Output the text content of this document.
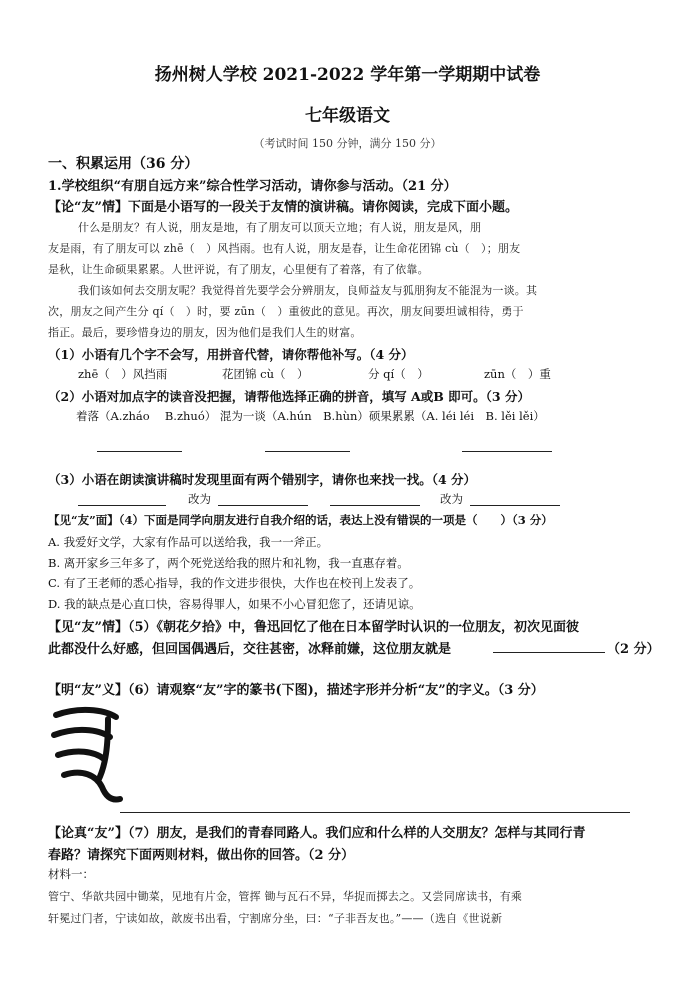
扬州树人学校 2021-2022 学年第一学期期中试卷
七年级语文
（考试时间 150 分钟，满分 150 分）
一、积累运用（36 分）
1.学校组织“有朋自远方来”综合性学习活动，请你参与活动。（21 分）
【论“友”情】下面是小语写的一段关于友情的演讲稿。请你阅读，完成下面小题。
什么是朋友？有人说，朋友是地，有了朋友可以顶天立地；有人说，朋友是风，朋
友是雨，有了朋友可以 zhē（　）风挡雨。也有人说，朋友是春，让生命花团锦 cù（　）；朋友
是秋，让生命硕果累累。人世评说，有了朋友，心里便有了着落，有了依靠。
我们该如何去交朋友呢？我觉得首先要学会分辨朋友，良师益友与狐朋狗友不能混为一谈。其
次，朋友之间产生分 qí（　）时，要 zūn（　）重彼此的意见。再次，朋友间要坦诚相待，勇于
指正。最后，要珍惜身边的朋友，因为他们是我们人生的财富。
（1）小语有几个字不会写，用拼音代替，请你帮他补写。（4 分）
zhē（　）风挡雨	花团锦 cù（　）	分 qí（　）	zūn（　）重
（2）小语对加点字的读音没把握，请帮他选择正确的拼音，填写 A或B 即可。（3 分）
着落（A.zháo　 B.zhuó） 混为一谈（A.hún　B.hùn）硕果累累（A. léi léi　B. lěi lěi）
（3）小语在朗读演讲稿时发现里面有两个错别字，请你也来找一找。（4 分）
改为	改为
【见“友”面】（4）下面是同学向朋友进行自我介绍的话，表达上没有错误的一项是（　　）（3 分）
A. 我爱好文学，大家有作品可以送给我，我一一斧正。
B. 离开家乡三年多了，两个死党送给我的照片和礼物，我一直惠存着。
C. 有了王老师的悉心指导，我的作文进步很快，大作也在校刊上发表了。
D. 我的缺点是心直口快，容易得罪人，如果不小心冒犯您了，还请见谅。
【见“友”情】（5）《朝花夕拾》中，鲁迅回忆了他在日本留学时认识的一位朋友，初次见面彼
此都没什么好感，但回国偶遇后，交往甚密，冰释前嫌，这位朋友就是	（2 分）
【明“友”义】（6）请观察“友”字的篆书(下图)，描述字形并分析“友”的字义。（3 分）
【论真“友”】（7）朋友，是我们的青春同路人。我们应和什么样的人交朋友？怎样与其同行青
春路？请探究下面两则材料，做出你的回答。（2 分）
材料一：
管宁、华歆共园中锄菜，见地有片金，管挥 锄与瓦石不异，华捉而掷去之。又尝同席读书，有乘
轩冕过门者，宁读如故，歆废书出看，宁割席分坐，曰：“子非吾友也。”——（选自《世说新
